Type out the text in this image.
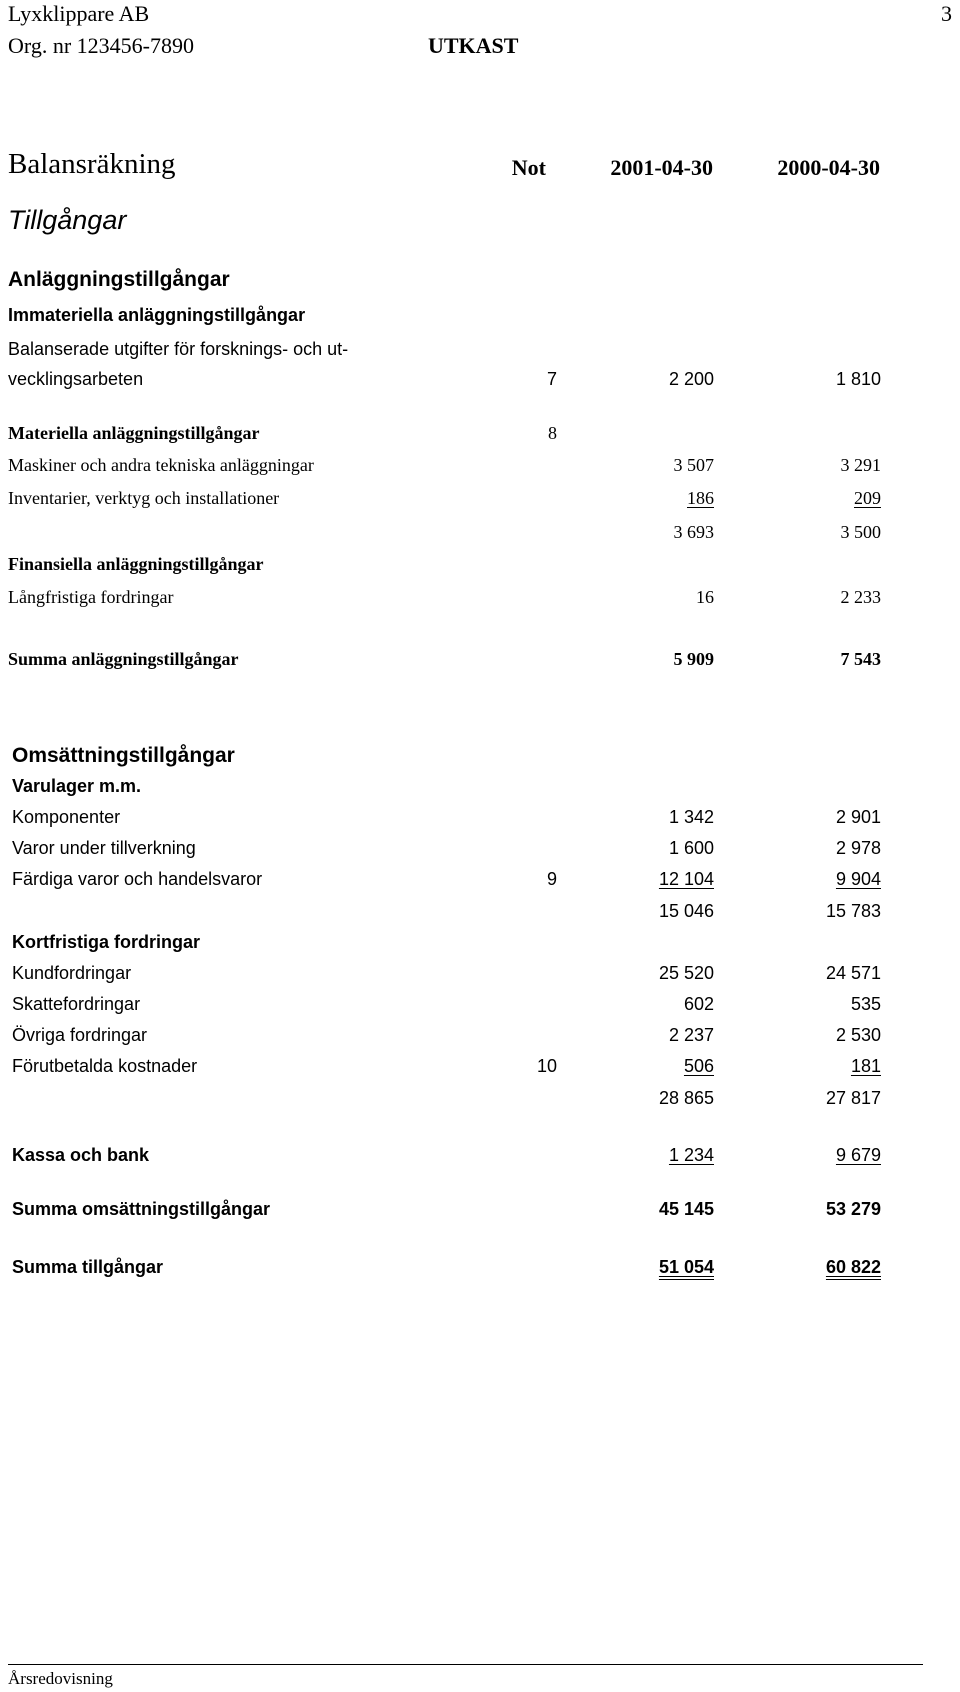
Lyxklippare AB	3
Org. nr 123456-7890	UTKAST
Balansräkning	Not	2001-04-30	2000-04-30
Tillgångar
Anläggningstillgångar
Immateriella anläggningstillgångar
Balanserade utgifter för forsknings- och ut-
vecklingsarbeten	7	2 200	1 810
Materiella anläggningstillgångar	8
Maskiner och andra tekniska anläggningar	3 507	3 291
Inventarier, verktyg och installationer	186	209
3 693	3 500
Finansiella anläggningstillgångar
Långfristiga fordringar	16	2 233
Summa anläggningstillgångar	5 909	7 543
Omsättningstillgångar
Varulager m.m.
Komponenter	1 342	2 901
Varor under tillverkning	1 600	2 978
Färdiga varor och handelsvaror	9	12 104	9 904
15 046	15 783
Kortfristiga fordringar
Kundfordringar	25 520	24 571
Skattefordringar	602	535
Övriga fordringar	2 237	2 530
Förutbetalda kostnader	10	506	181
28 865	27 817
Kassa och bank	1 234	9 679
Summa omsättningstillgångar	45 145	53 279
Summa tillgångar	51 054	60 822
Årsredovisning
